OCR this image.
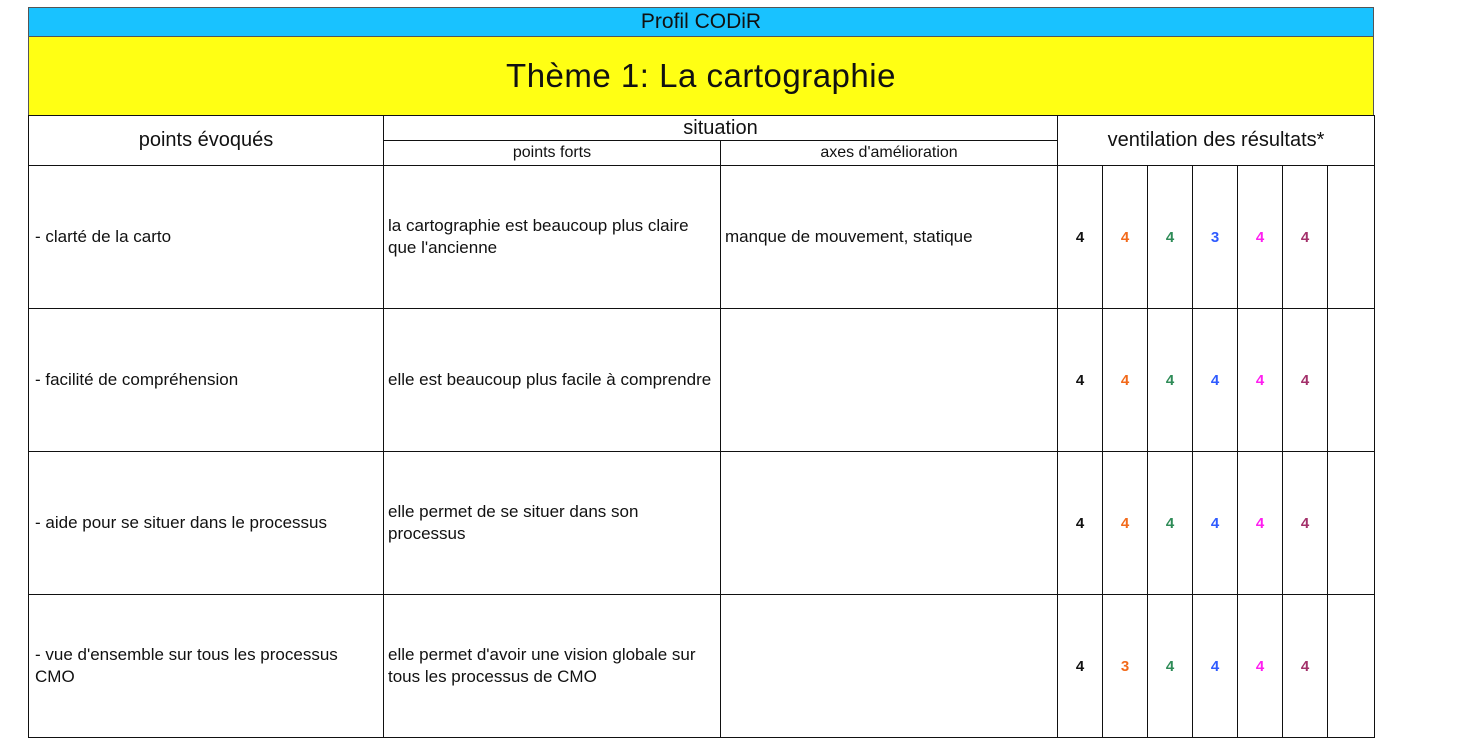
Profil CODiR
Thème 1: La cartographie
points évoqués	situation		ventilation des résultats*						
	points forts	axes d'amélioration							
- clarté de la carto	la cartographie est beaucoup plus claire que l'ancienne	manque de mouvement, statique	4	4	4	3	4	4	
- facilité de compréhension	elle est beaucoup plus facile à comprendre		4	4	4	4	4	4	
- aide pour se situer dans le processus	elle permet de se situer dans son processus		4	4	4	4	4	4	
- vue d'ensemble sur tous les processus CMO	elle permet d'avoir une vision globale sur tous les processus de CMO		4	3	4	4	4	4	
